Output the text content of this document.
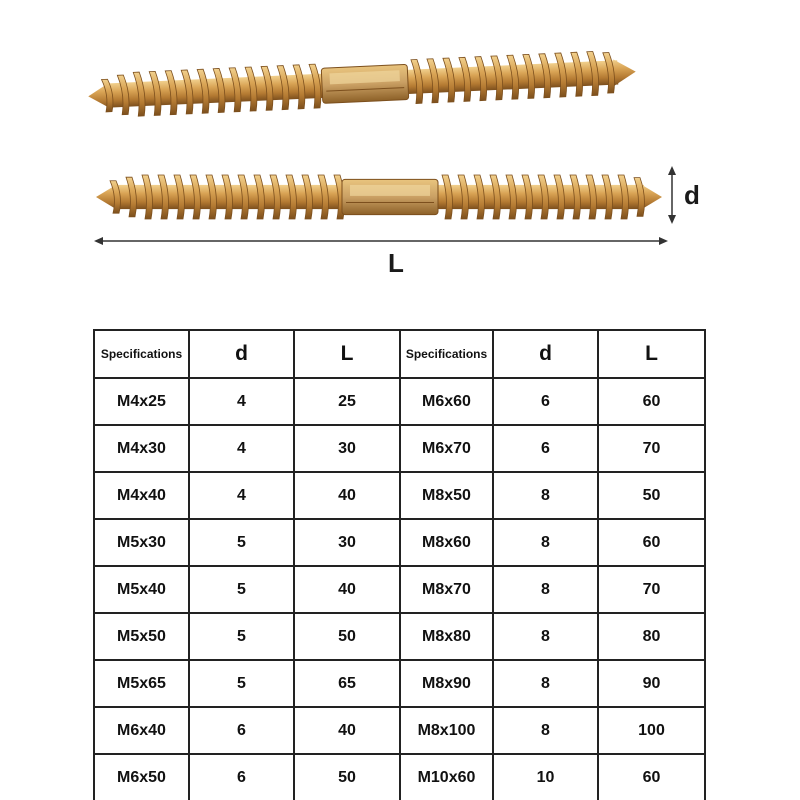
d
L
Specifications	d	L	Specifications	d	L
M4x25	4	25	M6x60	6	60
M4x30	4	30	M6x70	6	70
M4x40	4	40	M8x50	8	50
M5x30	5	30	M8x60	8	60
M5x40	5	40	M8x70	8	70
M5x50	5	50	M8x80	8	80
M5x65	5	65	M8x90	8	90
M6x40	6	40	M8x100	8	100
M6x50	6	50	M10x60	10	60
